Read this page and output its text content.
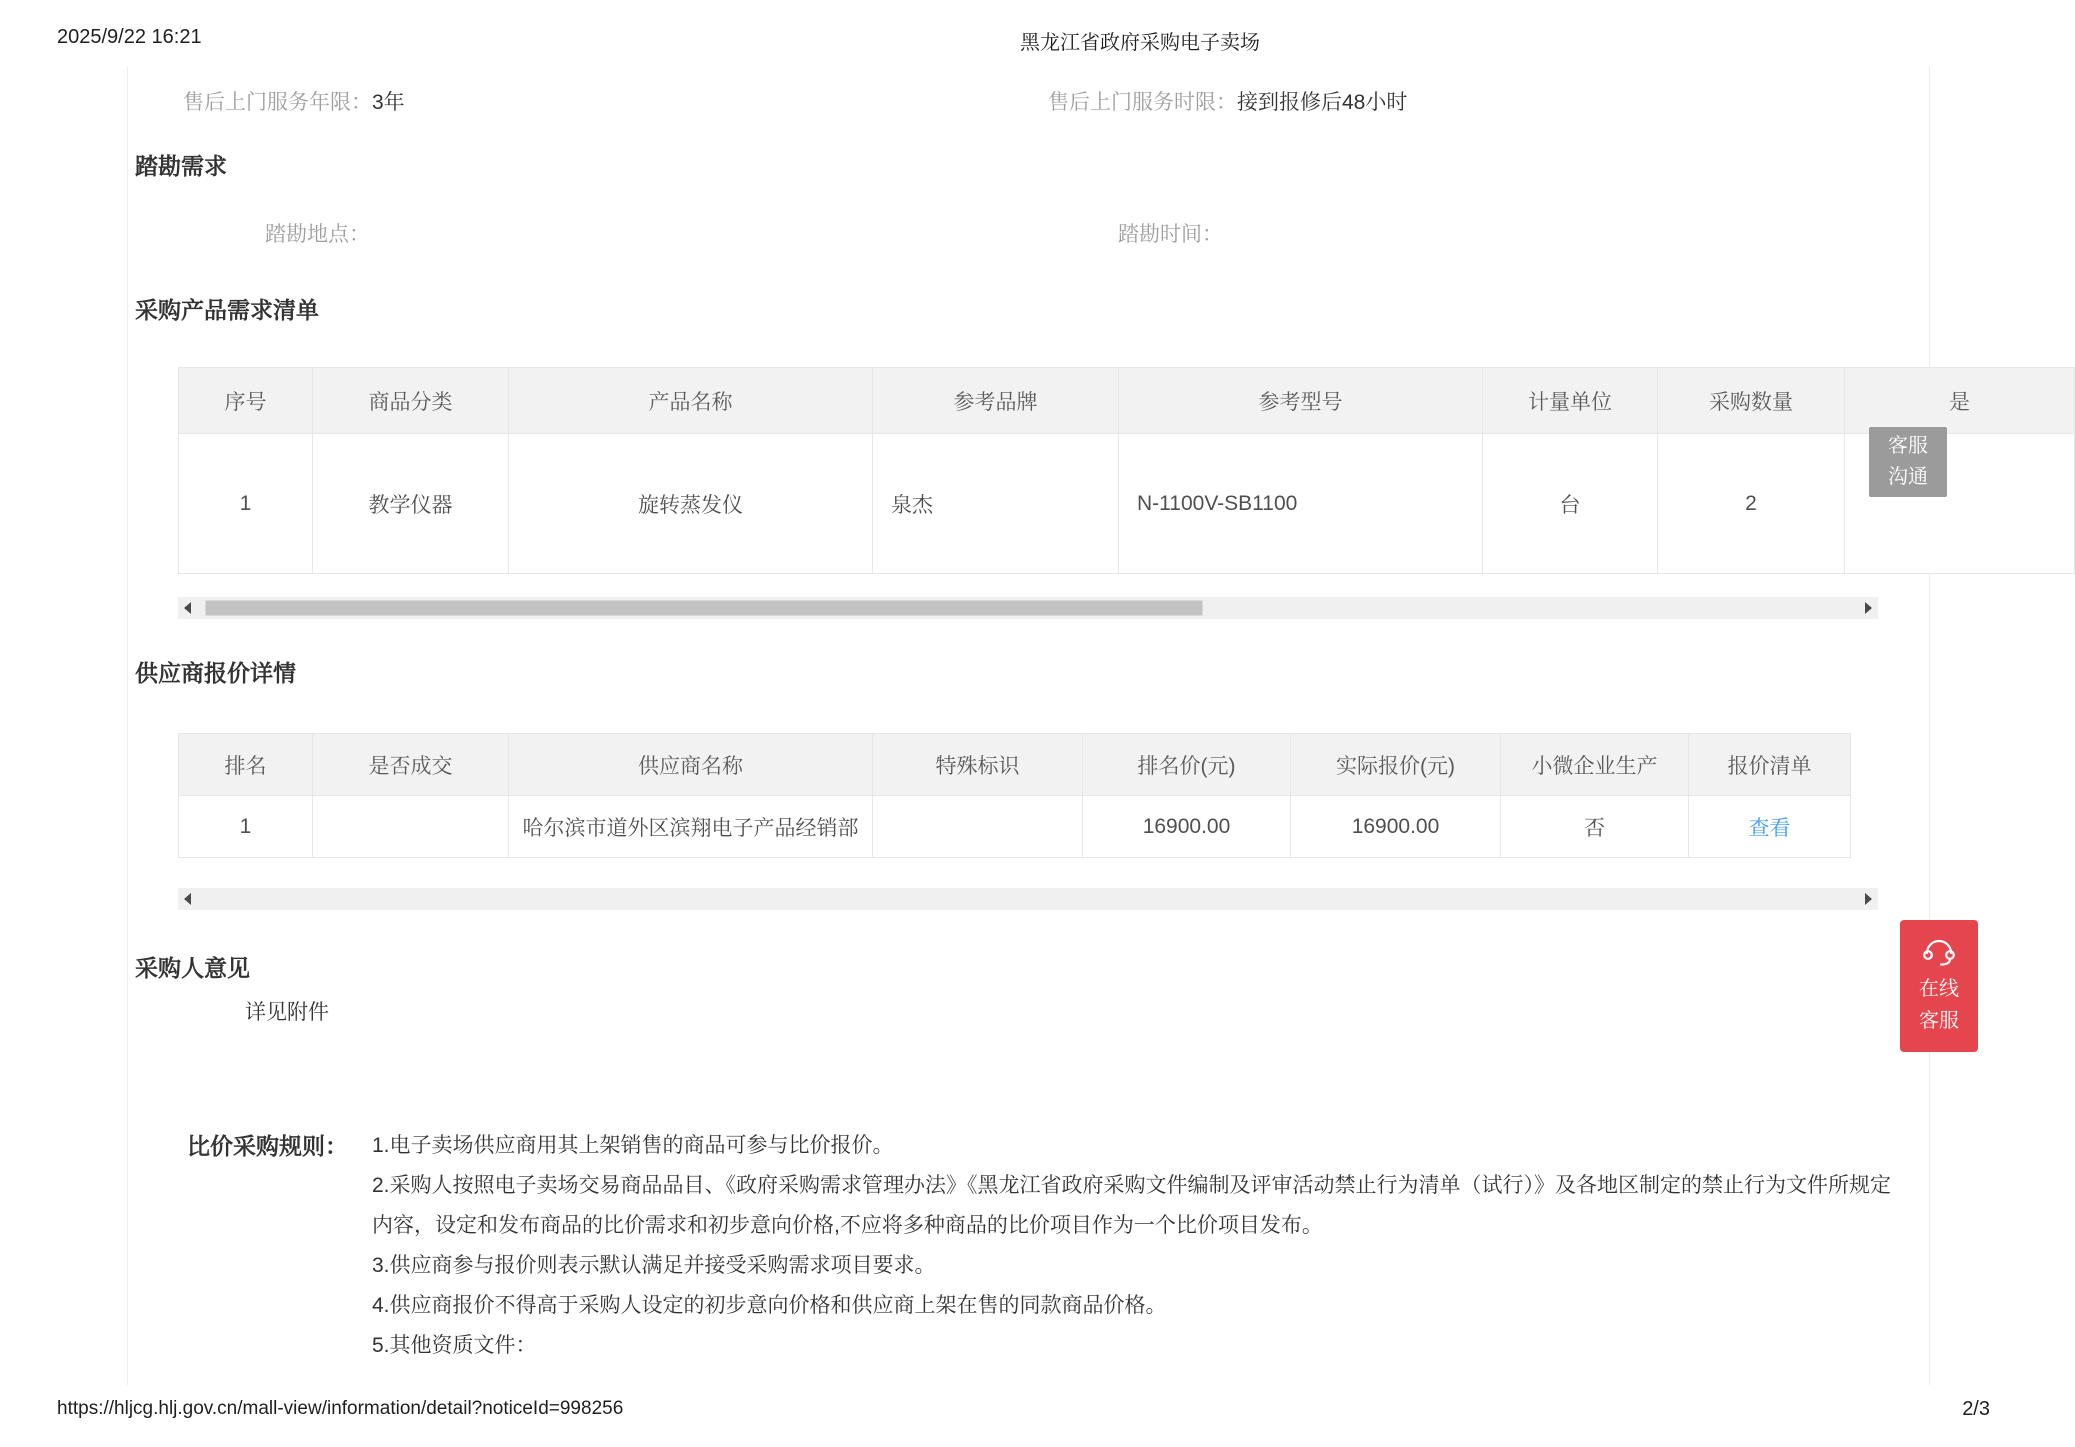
2025/9/22 16:21	黑龙江省政府采购电子卖场
售后上门服务年限：3年	售后上门服务时限：接到报修后48小时
踏勘需求
踏勘地点：	踏勘时间：
采购产品需求清单
序号	商品分类	产品名称	参考品牌	参考型号	计量单位	采购数量	是
1	教学仪器	旋转蒸发仪	泉杰	N-1100V-SB1100	台	2	
客服
沟通
供应商报价详情
排名	是否成交	供应商名称	特殊标识	排名价(元)	实际报价(元)	小微企业生产	报价清单
1		哈尔滨市道外区滨翔电子产品经销部		16900.00	16900.00	否	查看
采购人意见
详见附件
在线
客服
比价采购规则： 1.电子卖场供应商用其上架销售的商品可参与比价报价。
2.采购人按照电子卖场交易商品品目、《政府采购需求管理办法》《黑龙江省政府采购文件编制及评审活动禁止行为清单（试行）》及各地区制定的禁止行为文件所规定内容，设定和发布商品的比价需求和初步意向价格,不应将多种商品的比价项目作为一个比价项目发布。
3.供应商参与报价则表示默认满足并接受采购需求项目要求。
4.供应商报价不得高于采购人设定的初步意向价格和供应商上架在售的同款商品价格。
5.其他资质文件：
https://hljcg.hlj.gov.cn/mall-view/information/detail?noticeId=998256	2/3
